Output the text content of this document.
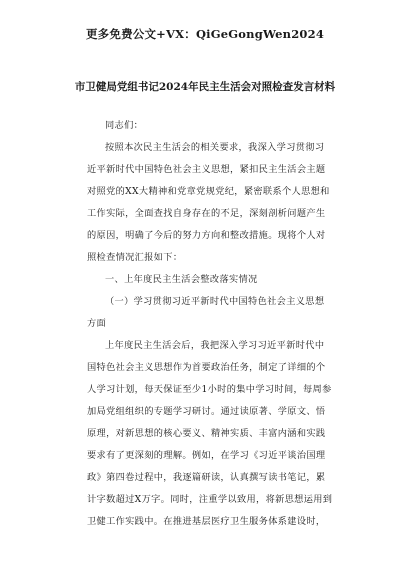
更多免费公文+VX：QiGeGongWen2024
市卫健局党组书记2024年民主生活会对照检查发言材料
同志们：
按照本次民主生活会的相关要求，我深入学习贯彻习
近平新时代中国特色社会主义思想，紧扣民主生活会主题
对照党的XX大精神和党章党规党纪，紧密联系个人思想和
工作实际，全面查找自身存在的不足，深刻剖析问题产生
的原因，明确了今后的努力方向和整改措施。现将个人对
照检查情况汇报如下：
一、上年度民主生活会整改落实情况
（一）学习贯彻习近平新时代中国特色社会主义思想
方面
上年度民主生活会后，我把深入学习习近平新时代中
国特色社会主义思想作为首要政治任务，制定了详细的个
人学习计划，每天保证至少1小时的集中学习时间，每周参
加局党组组织的专题学习研讨。通过读原著、学原文、悟
原理，对新思想的核心要义、精神实质、丰富内涵和实践
要求有了更深刻的理解。例如，在学习《习近平谈治国理
政》第四卷过程中，我逐篇研读，认真撰写读书笔记，累
计字数超过X万字。同时，注重学以致用，将新思想运用到
卫健工作实践中。在推进基层医疗卫生服务体系建设时，
